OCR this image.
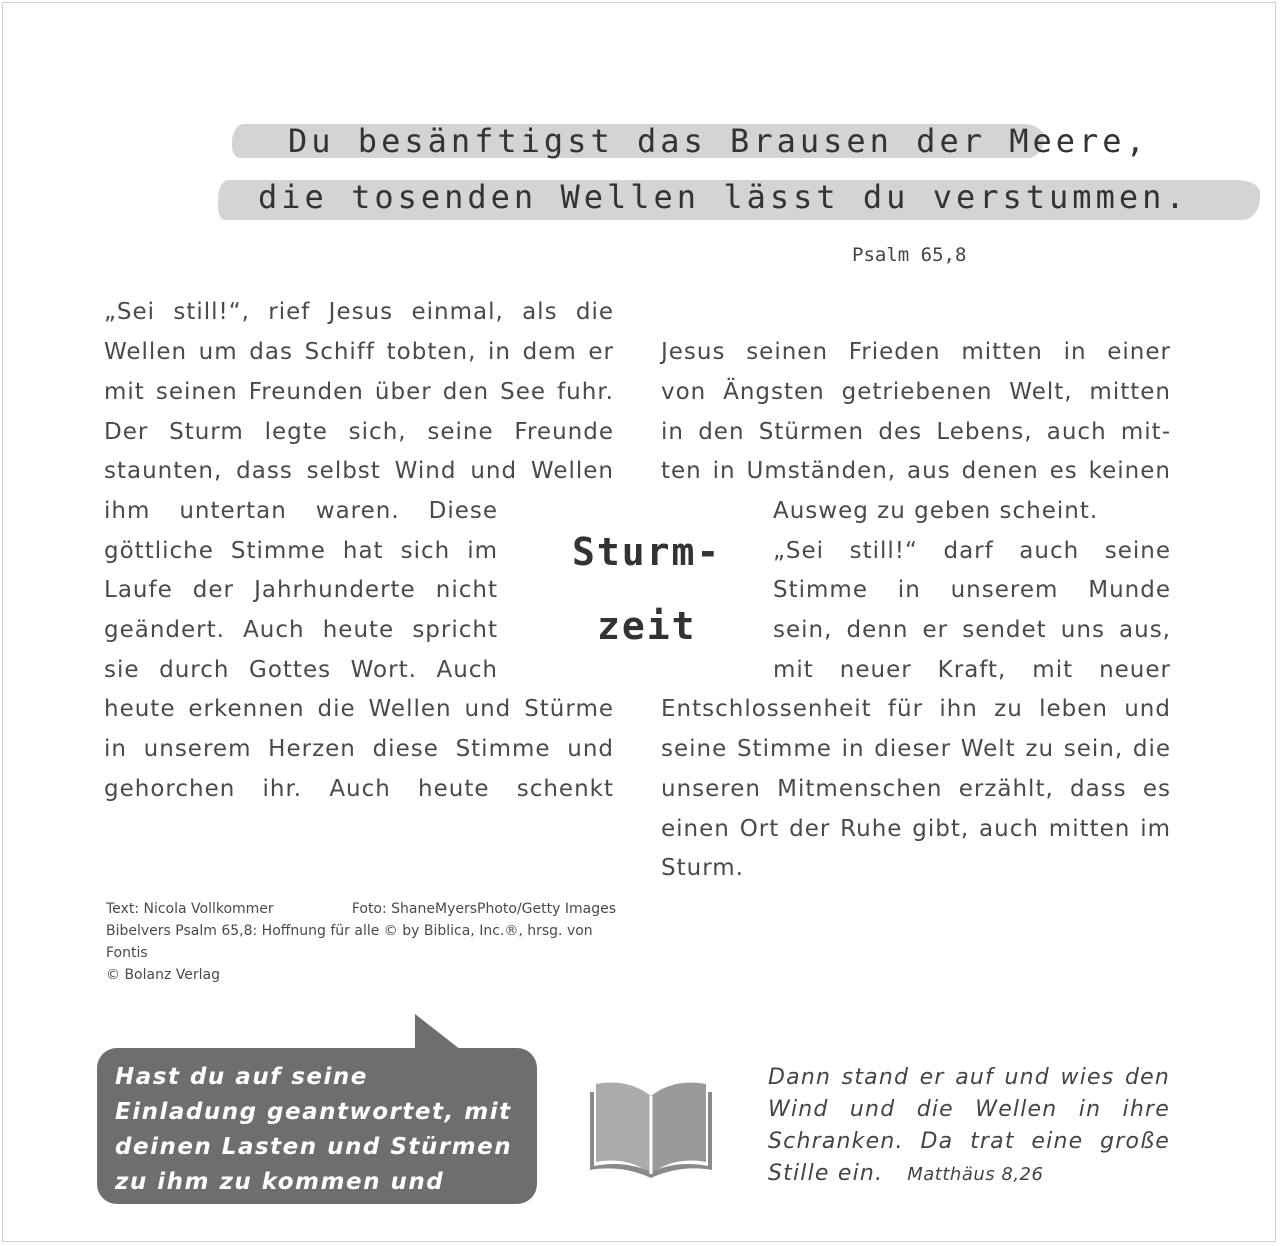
Du besänftigst das Brausen der Meere,

die tosenden Wellen lässt du verstummen.

Psalm 65,8

„Sei still!“, rief Jesus einmal, als die

Wellen um das Schiff tobten, in dem er

mit seinen Freunden über den See fuhr.

Der Sturm legte sich, seine Freunde

staunten, dass selbst Wind und Wellen

ihm untertan waren. Diese

göttliche Stimme hat sich im

Laufe der Jahrhunderte nicht

geändert. Auch heute spricht

sie durch Gottes Wort. Auch

heute erkennen die Wellen und Stürme

in unserem Herzen diese Stimme und

gehorchen ihr. Auch heute schenkt

Sturm-

zeit

Jesus seinen Frieden mitten in einer

von Ängsten getriebenen Welt, mitten

in den Stürmen des Lebens, auch mit-

ten in Umständen, aus denen es keinen

Ausweg zu geben scheint.

„Sei still!“ darf auch seine

Stimme in unserem Munde

sein, denn er sendet uns aus,

mit neuer Kraft, mit neuer

Entschlossenheit für ihn zu leben und

seine Stimme in dieser Welt zu sein, die

unseren Mitmenschen erzählt, dass es

einen Ort der Ruhe gibt, auch mitten im

Sturm.

Text: Nicola Vollkommer	Foto: ShaneMyersPhoto/Getty Images

Bibelvers Psalm 65,8: Hoffnung für alle © by Biblica, Inc.®, hrsg. von Fontis

© Bolanz Verlag

Hast du auf seine Einladung geantwortet, mit deinen Lasten und Stürmen zu ihm zu kommen und Frieden zu finden?

Dann stand er auf und wies den Wind und die Wellen in ihre Schranken. Da trat eine große Stille ein. Matthäus 8,26
